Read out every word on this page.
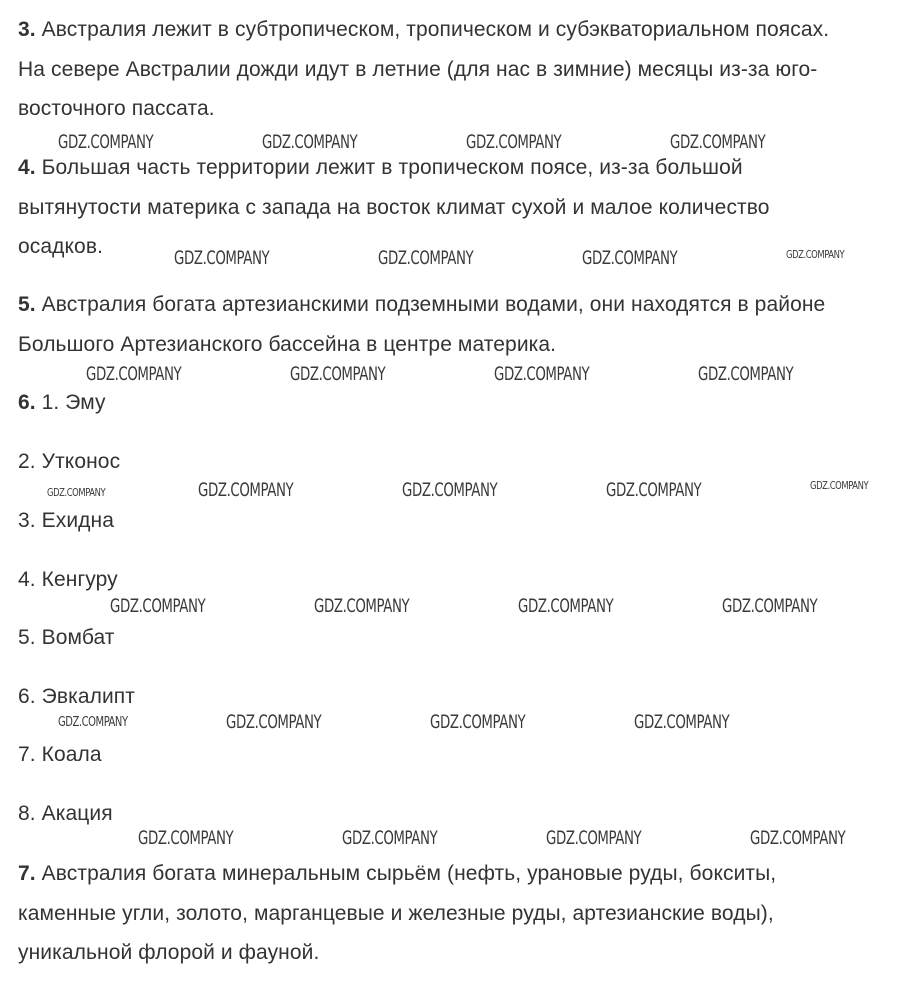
3. Австралия лежит в субтропическом, тропическом и субэкваториальном поясах.
На севере Австралии дожди идут в летние (для нас в зимние) месяцы из-за юго-
восточного пассата.
4. Большая часть территории лежит в тропическом поясе, из-за большой
вытянутости материка с запада на восток климат сухой и малое количество
осадков.
5. Австралия богата артезианскими подземными водами, они находятся в районе
Большого Артезианского бассейна в центре материка.
6. 1. Эму
2. Утконос
3. Ехидна
4. Кенгуру
5. Вомбат
6. Эвкалипт
7. Коала
8. Акация
7. Австралия богата минеральным сырьём (нефть, урановые руды, бокситы,
каменные угли, золото, марганцевые и железные руды, артезианские воды),
уникальной флорой и фауной.
GDZ.COMPANY	GDZ.COMPANY	GDZ.COMPANY	GDZ.COMPANY
GDZ.COMPANY	GDZ.COMPANY	GDZ.COMPANY	GDZ.COMPANY
GDZ.COMPANY	GDZ.COMPANY	GDZ.COMPANY	GDZ.COMPANY
GDZ.COMPANY	GDZ.COMPANY	GDZ.COMPANY	GDZ.COMPANY	GDZ.COMPANY
GDZ.COMPANY	GDZ.COMPANY	GDZ.COMPANY	GDZ.COMPANY
GDZ.COMPANY	GDZ.COMPANY	GDZ.COMPANY	GDZ.COMPANY
GDZ.COMPANY	GDZ.COMPANY	GDZ.COMPANY	GDZ.COMPANY
